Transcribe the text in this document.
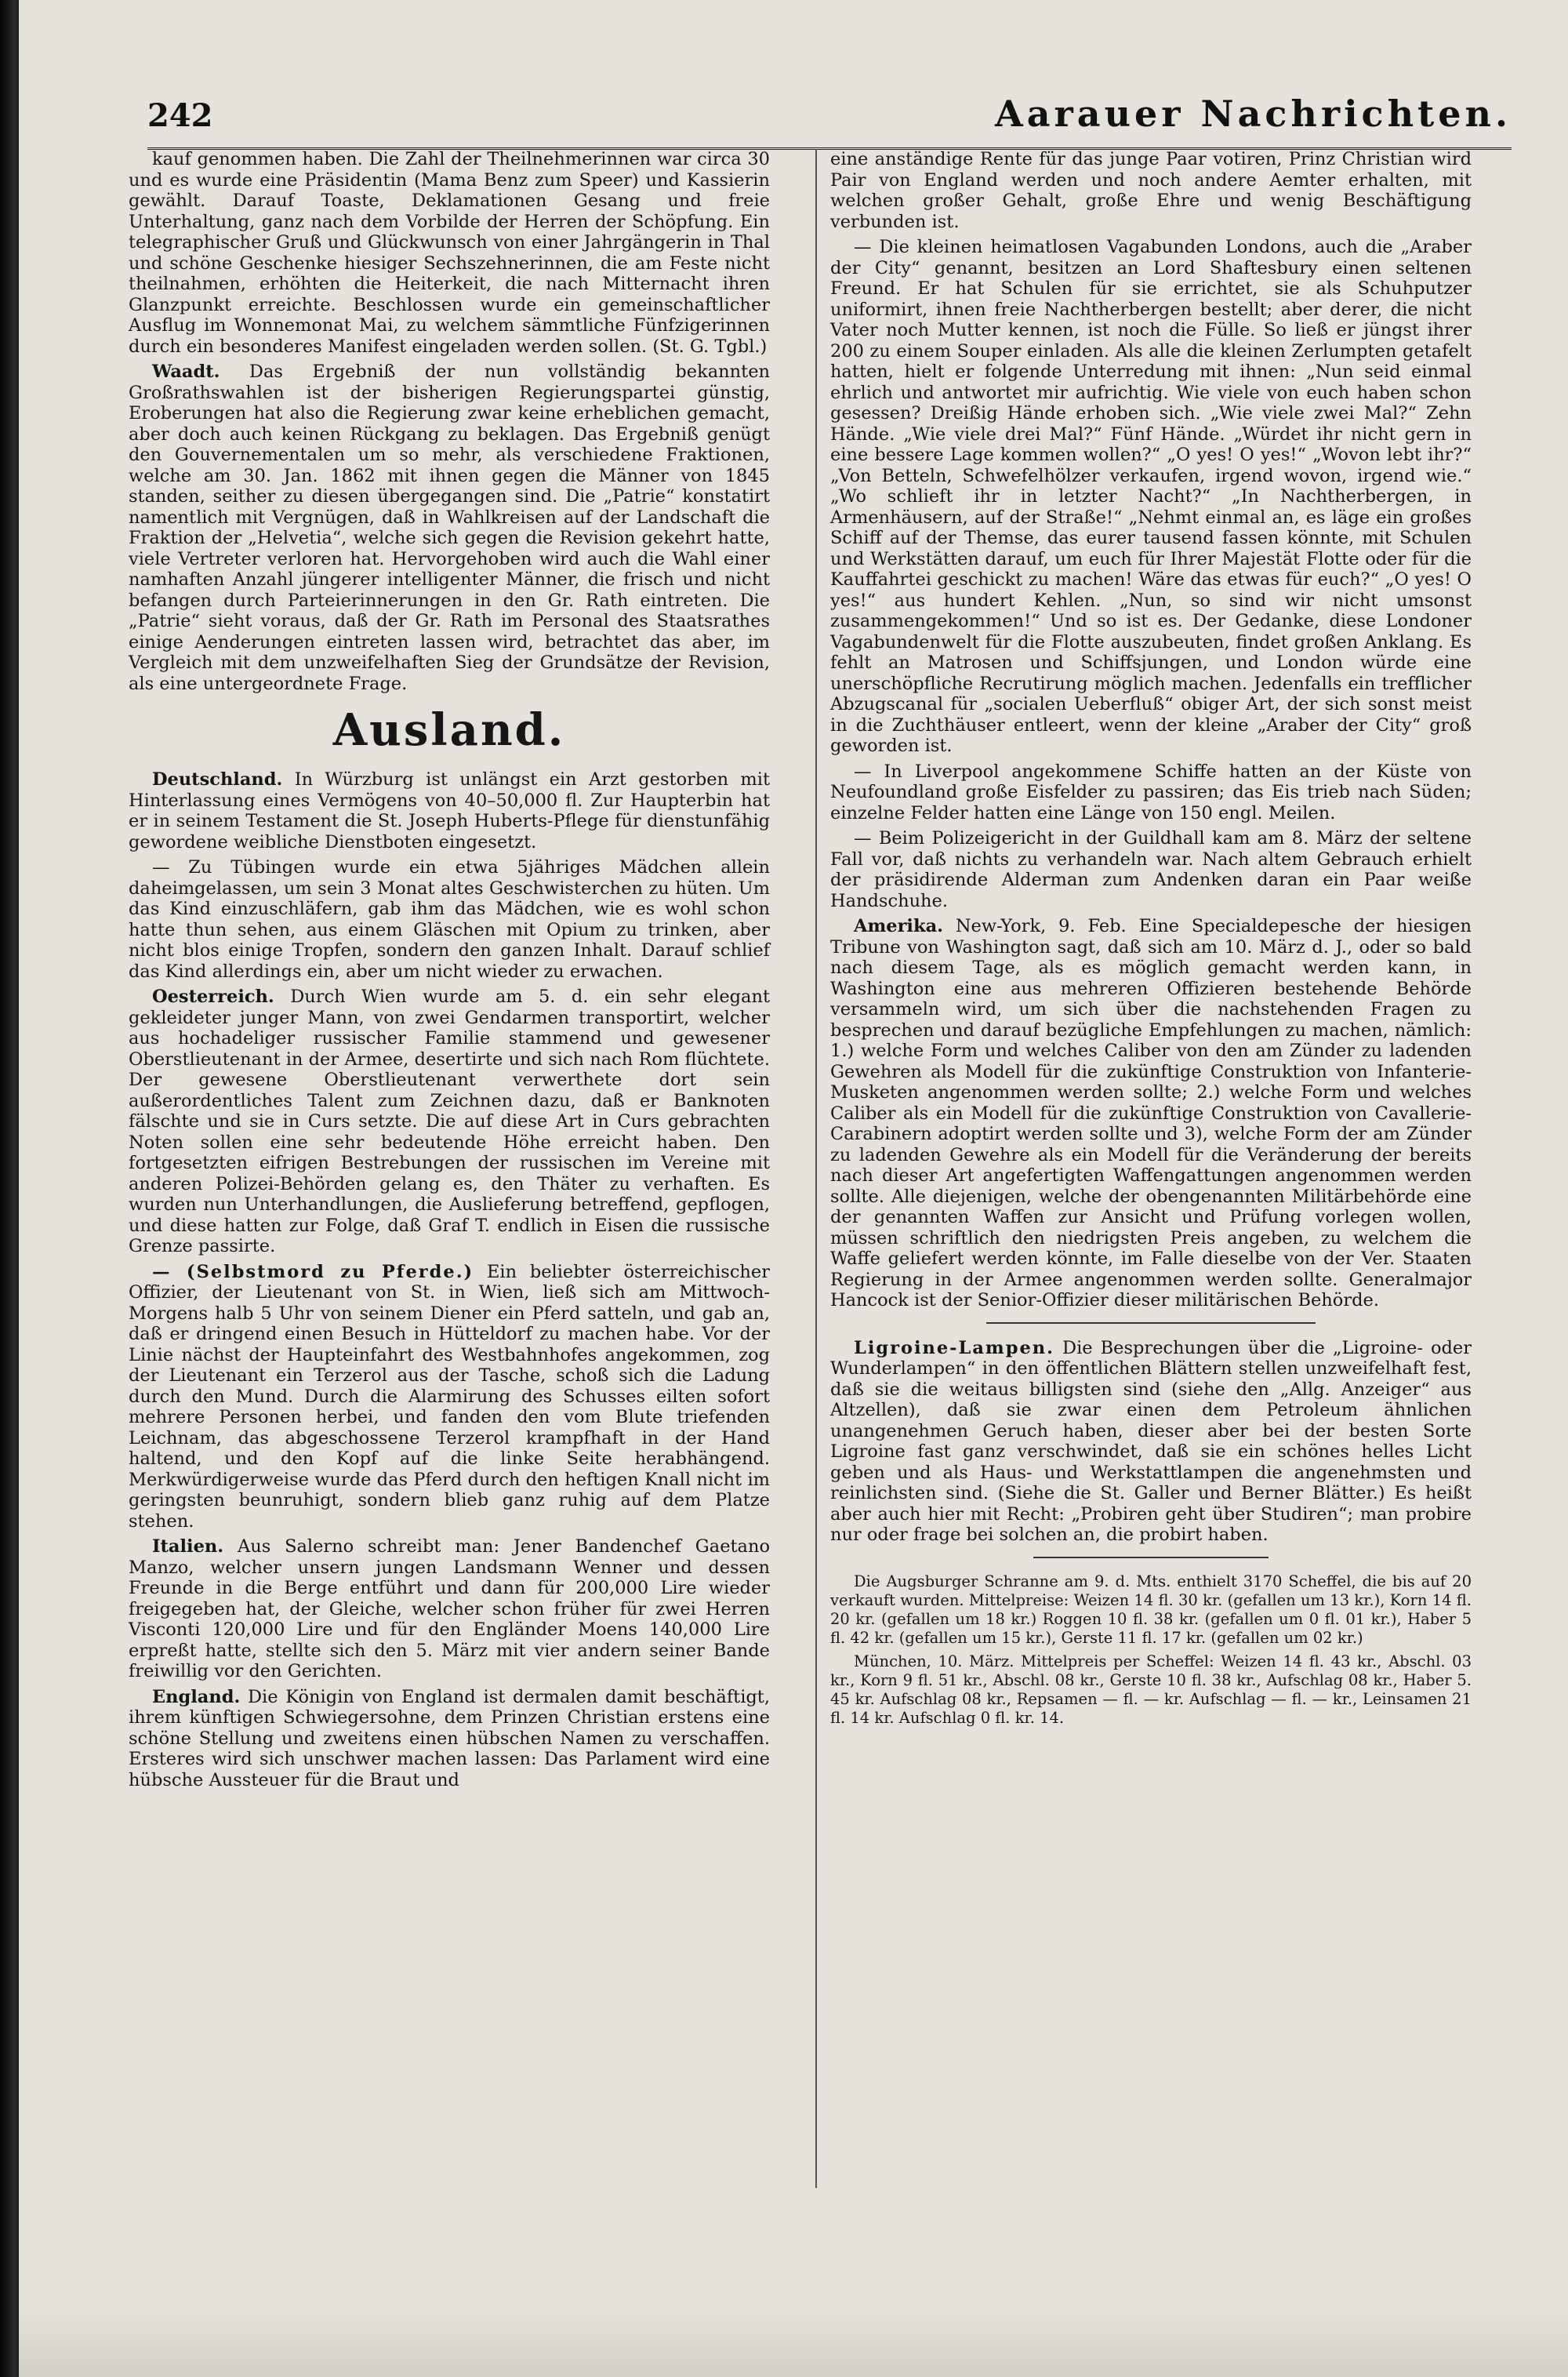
242	Aarauer Nachrichten.

kauf genommen haben. Die Zahl der Theilnehmerinnen war circa 30 und es wurde eine Präsidentin (Mama Benz zum Speer) und Kassierin gewählt. Darauf Toaste, Deklamationen Gesang und freie Unterhaltung, ganz nach dem Vorbilde der Herren der Schöpfung. Ein telegraphischer Gruß und Glückwunsch von einer Jahrgängerin in Thal und schöne Geschenke hiesiger Sechszehnerinnen, die am Feste nicht theilnahmen, erhöhten die Heiterkeit, die nach Mitternacht ihren Glanzpunkt erreichte. Beschlossen wurde ein gemeinschaftlicher Ausflug im Wonnemonat Mai, zu welchem sämmtliche Fünfzigerinnen durch ein besonderes Manifest eingeladen werden sollen. (St. G. Tgbl.)

Waadt. Das Ergebniß der nun vollständig bekannten Großrathswahlen ist der bisherigen Regierungspartei günstig, Eroberungen hat also die Regierung zwar keine erheblichen gemacht, aber doch auch keinen Rückgang zu beklagen. Das Ergebniß genügt den Gouvernementalen um so mehr, als verschiedene Fraktionen, welche am 30. Jan. 1862 mit ihnen gegen die Männer von 1845 standen, seither zu diesen übergegangen sind. Die „Patrie“ konstatirt namentlich mit Vergnügen, daß in Wahlkreisen auf der Landschaft die Fraktion der „Helvetia“, welche sich gegen die Revision gekehrt hatte, viele Vertreter verloren hat. Hervorgehoben wird auch die Wahl einer namhaften Anzahl jüngerer intelligenter Männer, die frisch und nicht befangen durch Parteierinnerungen in den Gr. Rath eintreten. Die „Patrie“ sieht voraus, daß der Gr. Rath im Personal des Staatsrathes einige Aenderungen eintreten lassen wird, betrachtet das aber, im Vergleich mit dem unzweifelhaften Sieg der Grundsätze der Revision, als eine untergeordnete Frage.

Ausland.

Deutschland. In Würzburg ist unlängst ein Arzt gestorben mit Hinterlassung eines Vermögens von 40–50,000 fl. Zur Haupterbin hat er in seinem Testament die St. Joseph Huberts-Pflege für dienstunfähig gewordene weibliche Dienstboten eingesetzt.

— Zu Tübingen wurde ein etwa 5jähriges Mädchen allein daheimgelassen, um sein 3 Monat altes Geschwisterchen zu hüten. Um das Kind einzuschläfern, gab ihm das Mädchen, wie es wohl schon hatte thun sehen, aus einem Gläschen mit Opium zu trinken, aber nicht blos einige Tropfen, sondern den ganzen Inhalt. Darauf schlief das Kind allerdings ein, aber um nicht wieder zu erwachen.

Oesterreich. Durch Wien wurde am 5. d. ein sehr elegant gekleideter junger Mann, von zwei Gendarmen transportirt, welcher aus hochadeliger russischer Familie stammend und gewesener Oberstlieutenant in der Armee, desertirte und sich nach Rom flüchtete. Der gewesene Oberstlieutenant verwerthete dort sein außerordentliches Talent zum Zeichnen dazu, daß er Banknoten fälschte und sie in Curs setzte. Die auf diese Art in Curs gebrachten Noten sollen eine sehr bedeutende Höhe erreicht haben. Den fortgesetzten eifrigen Bestrebungen der russischen im Vereine mit anderen Polizei-Behörden gelang es, den Thäter zu verhaften. Es wurden nun Unterhandlungen, die Auslieferung betreffend, gepflogen, und diese hatten zur Folge, daß Graf T. endlich in Eisen die russische Grenze passirte.

— (Selbstmord zu Pferde.) Ein beliebter österreichischer Offizier, der Lieutenant von St. in Wien, ließ sich am Mittwoch-Morgens halb 5 Uhr von seinem Diener ein Pferd satteln, und gab an, daß er dringend einen Besuch in Hütteldorf zu machen habe. Vor der Linie nächst der Haupteinfahrt des Westbahnhofes angekommen, zog der Lieutenant ein Terzerol aus der Tasche, schoß sich die Ladung durch den Mund. Durch die Alarmirung des Schusses eilten sofort mehrere Personen herbei, und fanden den vom Blute triefenden Leichnam, das abgeschossene Terzerol krampfhaft in der Hand haltend, und den Kopf auf die linke Seite herabhängend. Merkwürdigerweise wurde das Pferd durch den heftigen Knall nicht im geringsten beunruhigt, sondern blieb ganz ruhig auf dem Platze stehen.

Italien. Aus Salerno schreibt man: Jener Bandenchef Gaetano Manzo, welcher unsern jungen Landsmann Wenner und dessen Freunde in die Berge entführt und dann für 200,000 Lire wieder freigegeben hat, der Gleiche, welcher schon früher für zwei Herren Visconti 120,000 Lire und für den Engländer Moens 140,000 Lire erpreßt hatte, stellte sich den 5. März mit vier andern seiner Bande freiwillig vor den Gerichten.

England. Die Königin von England ist dermalen damit beschäftigt, ihrem künftigen Schwiegersohne, dem Prinzen Christian erstens eine schöne Stellung und zweitens einen hübschen Namen zu verschaffen. Ersteres wird sich unschwer machen lassen: Das Parlament wird eine hübsche Aussteuer für die Braut und

eine anständige Rente für das junge Paar votiren, Prinz Christian wird Pair von England werden und noch andere Aemter erhalten, mit welchen großer Gehalt, große Ehre und wenig Beschäftigung verbunden ist.

— Die kleinen heimatlosen Vagabunden Londons, auch die „Araber der City“ genannt, besitzen an Lord Shaftesbury einen seltenen Freund. Er hat Schulen für sie errichtet, sie als Schuhputzer uniformirt, ihnen freie Nachtherbergen bestellt; aber derer, die nicht Vater noch Mutter kennen, ist noch die Fülle. So ließ er jüngst ihrer 200 zu einem Souper einladen. Als alle die kleinen Zerlumpten getafelt hatten, hielt er folgende Unterredung mit ihnen: „Nun seid einmal ehrlich und antwortet mir aufrichtig. Wie viele von euch haben schon gesessen? Dreißig Hände erhoben sich. „Wie viele zwei Mal?“ Zehn Hände. „Wie viele drei Mal?“ Fünf Hände. „Würdet ihr nicht gern in eine bessere Lage kommen wollen?“ „O yes! O yes!“ „Wovon lebt ihr?“ „Von Betteln, Schwefelhölzer verkaufen, irgend wovon, irgend wie.“ „Wo schlieft ihr in letzter Nacht?“ „In Nachtherbergen, in Armenhäusern, auf der Straße!“ „Nehmt einmal an, es läge ein großes Schiff auf der Themse, das eurer tausend fassen könnte, mit Schulen und Werkstätten darauf, um euch für Ihrer Majestät Flotte oder für die Kauffahrtei geschickt zu machen! Wäre das etwas für euch?“ „O yes! O yes!“ aus hundert Kehlen. „Nun, so sind wir nicht umsonst zusammengekommen!“ Und so ist es. Der Gedanke, diese Londoner Vagabundenwelt für die Flotte auszubeuten, findet großen Anklang. Es fehlt an Matrosen und Schiffsjungen, und London würde eine unerschöpfliche Recrutirung möglich machen. Jedenfalls ein trefflicher Abzugscanal für „socialen Ueberfluß“ obiger Art, der sich sonst meist in die Zuchthäuser entleert, wenn der kleine „Araber der City“ groß geworden ist.

— In Liverpool angekommene Schiffe hatten an der Küste von Neufoundland große Eisfelder zu passiren; das Eis trieb nach Süden; einzelne Felder hatten eine Länge von 150 engl. Meilen.

— Beim Polizeigericht in der Guildhall kam am 8. März der seltene Fall vor, daß nichts zu verhandeln war. Nach altem Gebrauch erhielt der präsidirende Alderman zum Andenken daran ein Paar weiße Handschuhe.

Amerika. New-York, 9. Feb. Eine Specialdepesche der hiesigen Tribune von Washington sagt, daß sich am 10. März d. J., oder so bald nach diesem Tage, als es möglich gemacht werden kann, in Washington eine aus mehreren Offizieren bestehende Behörde versammeln wird, um sich über die nachstehenden Fragen zu besprechen und darauf bezügliche Empfehlungen zu machen, nämlich: 1.) welche Form und welches Caliber von den am Zünder zu ladenden Gewehren als Modell für die zukünftige Construktion von Infanterie-Musketen angenommen werden sollte; 2.) welche Form und welches Caliber als ein Modell für die zukünftige Construktion von Cavallerie-Carabinern adoptirt werden sollte und 3), welche Form der am Zünder zu ladenden Gewehre als ein Modell für die Veränderung der bereits nach dieser Art angefertigten Waffengattungen angenommen werden sollte. Alle diejenigen, welche der obengenannten Militärbehörde eine der genannten Waffen zur Ansicht und Prüfung vorlegen wollen, müssen schriftlich den niedrigsten Preis angeben, zu welchem die Waffe geliefert werden könnte, im Falle dieselbe von der Ver. Staaten Regierung in der Armee angenommen werden sollte. Generalmajor Hancock ist der Senior-Offizier dieser militärischen Behörde.

Ligroine-Lampen. Die Besprechungen über die „Ligroine- oder Wunderlampen“ in den öffentlichen Blättern stellen unzweifelhaft fest, daß sie die weitaus billigsten sind (siehe den „Allg. Anzeiger“ aus Altzellen), daß sie zwar einen dem Petroleum ähnlichen unangenehmen Geruch haben, dieser aber bei der besten Sorte Ligroine fast ganz verschwindet, daß sie ein schönes helles Licht geben und als Haus- und Werkstattlampen die angenehmsten und reinlichsten sind. (Siehe die St. Galler und Berner Blätter.) Es heißt aber auch hier mit Recht: „Probiren geht über Studiren“; man probire nur oder frage bei solchen an, die probirt haben.

Die Augsburger Schranne am 9. d. Mts. enthielt 3170 Scheffel, die bis auf 20 verkauft wurden. Mittelpreise: Weizen 14 fl. 30 kr. (gefallen um 13 kr.), Korn 14 fl. 20 kr. (gefallen um 18 kr.) Roggen 10 fl. 38 kr. (gefallen um 0 fl. 01 kr.), Haber 5 fl. 42 kr. (gefallen um 15 kr.), Gerste 11 fl. 17 kr. (gefallen um 02 kr.)

München, 10. März. Mittelpreis per Scheffel: Weizen 14 fl. 43 kr., Abschl. 03 kr., Korn 9 fl. 51 kr., Abschl. 08 kr., Gerste 10 fl. 38 kr., Aufschlag 08 kr., Haber 5. 45 kr. Aufschlag 08 kr., Repsamen — fl. — kr. Aufschlag — fl. — kr., Leinsamen 21 fl. 14 kr. Aufschlag 0 fl. kr. 14.
